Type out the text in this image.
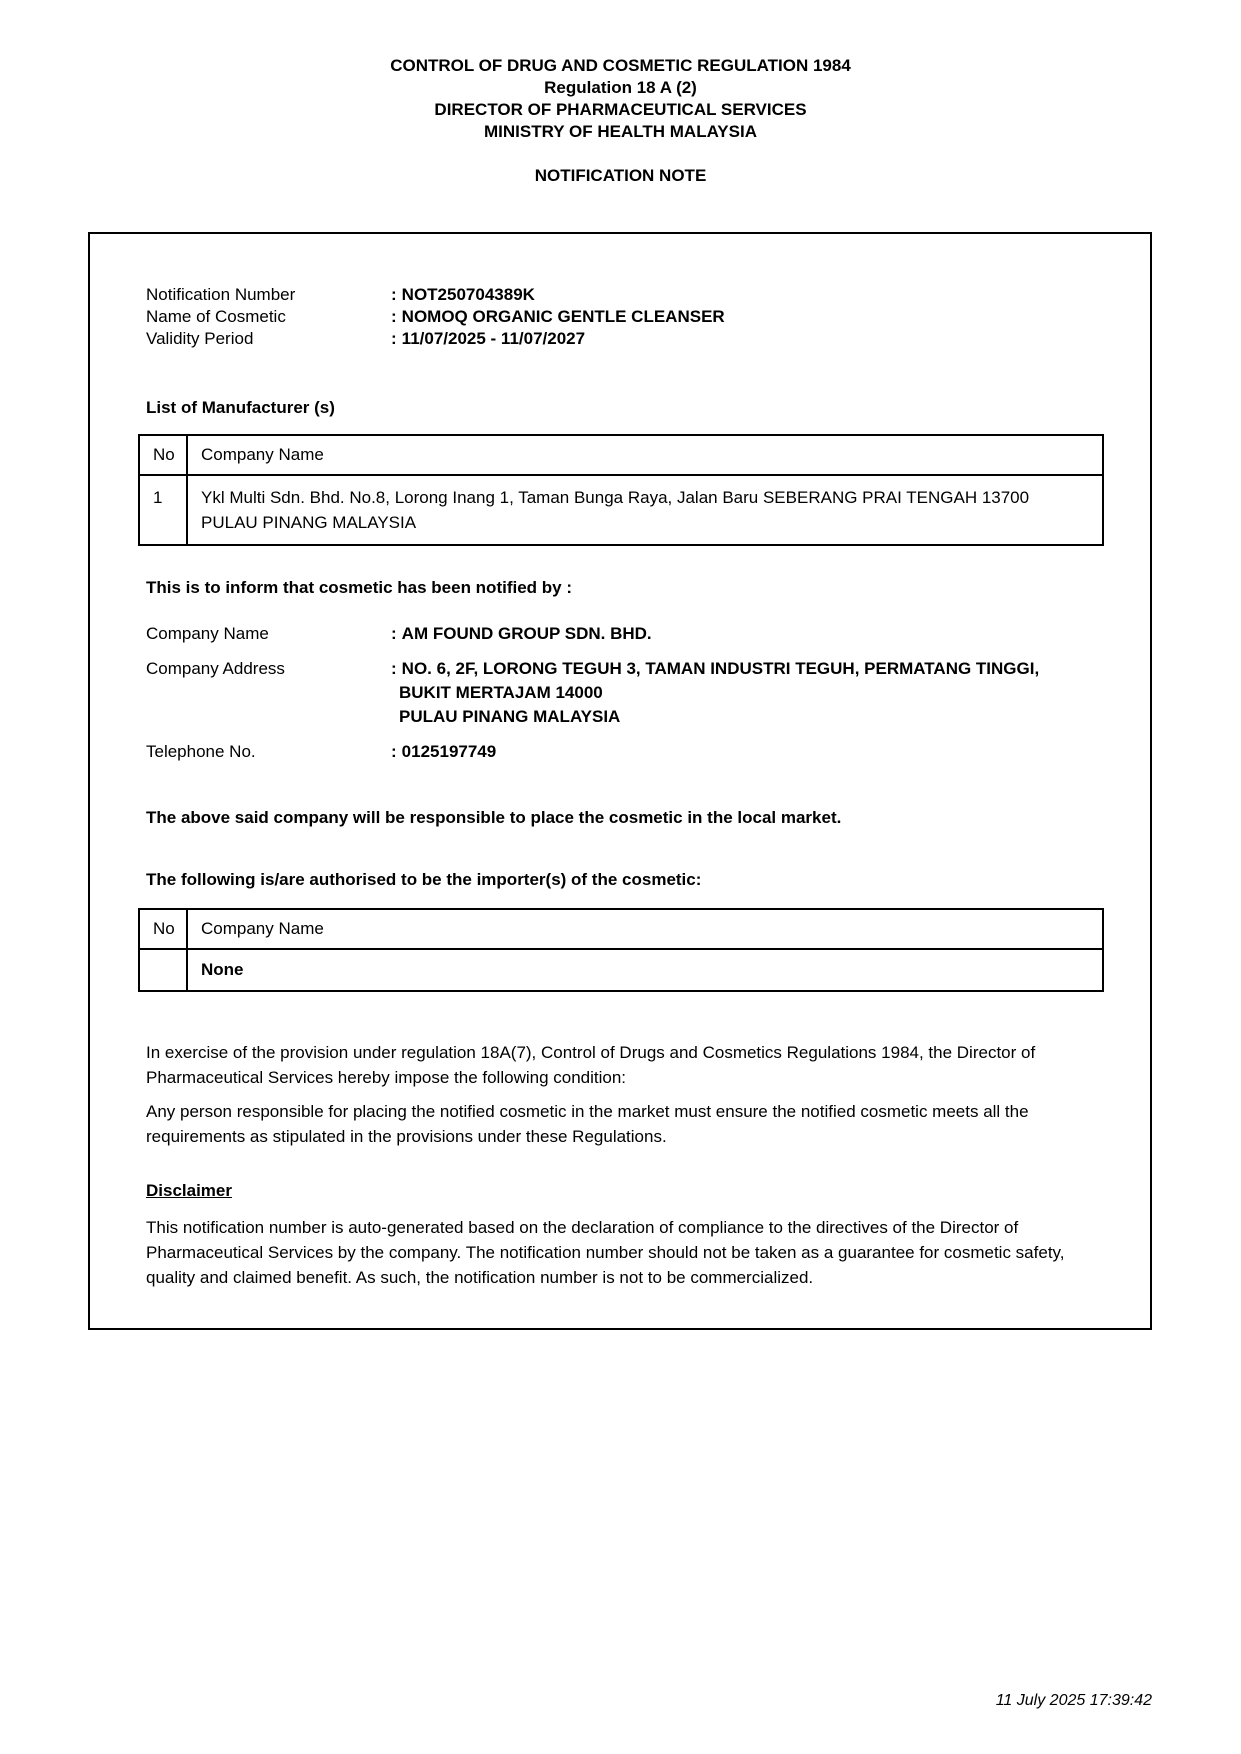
CONTROL OF DRUG AND COSMETIC REGULATION 1984
Regulation 18 A (2)
DIRECTOR OF PHARMACEUTICAL SERVICES
MINISTRY OF HEALTH MALAYSIA
NOTIFICATION NOTE
Notification Number	: NOT250704389K
Name of Cosmetic	: NOMOQ ORGANIC GENTLE CLEANSER
Validity Period	: 11/07/2025 - 11/07/2027
List of Manufacturer (s)
No	Company Name
1	Ykl Multi Sdn. Bhd. No.8, Lorong Inang 1, Taman Bunga Raya, Jalan Baru SEBERANG PRAI TENGAH 13700 PULAU PINANG MALAYSIA
This is to inform that cosmetic has been notified by :
Company Name	: AM FOUND GROUP SDN. BHD.
Company Address	: NO. 6, 2F, LORONG TEGUH 3, TAMAN INDUSTRI TEGUH, PERMATANG TINGGI,
BUKIT MERTAJAM 14000
PULAU PINANG MALAYSIA
Telephone No.	: 0125197749
The above said company will be responsible to place the cosmetic in the local market.
The following is/are authorised to be the importer(s) of the cosmetic:
No	Company Name
	None
In exercise of the provision under regulation 18A(7), Control of Drugs and Cosmetics Regulations 1984, the Director of Pharmaceutical Services hereby impose the following condition:
Any person responsible for placing the notified cosmetic in the market must ensure the notified cosmetic meets all the requirements as stipulated in the provisions under these Regulations.
Disclaimer
This notification number is auto-generated based on the declaration of compliance to the directives of the Director of Pharmaceutical Services by the company. The notification number should not be taken as a guarantee for cosmetic safety, quality and claimed benefit. As such, the notification number is not to be commercialized.
11 July 2025 17:39:42
